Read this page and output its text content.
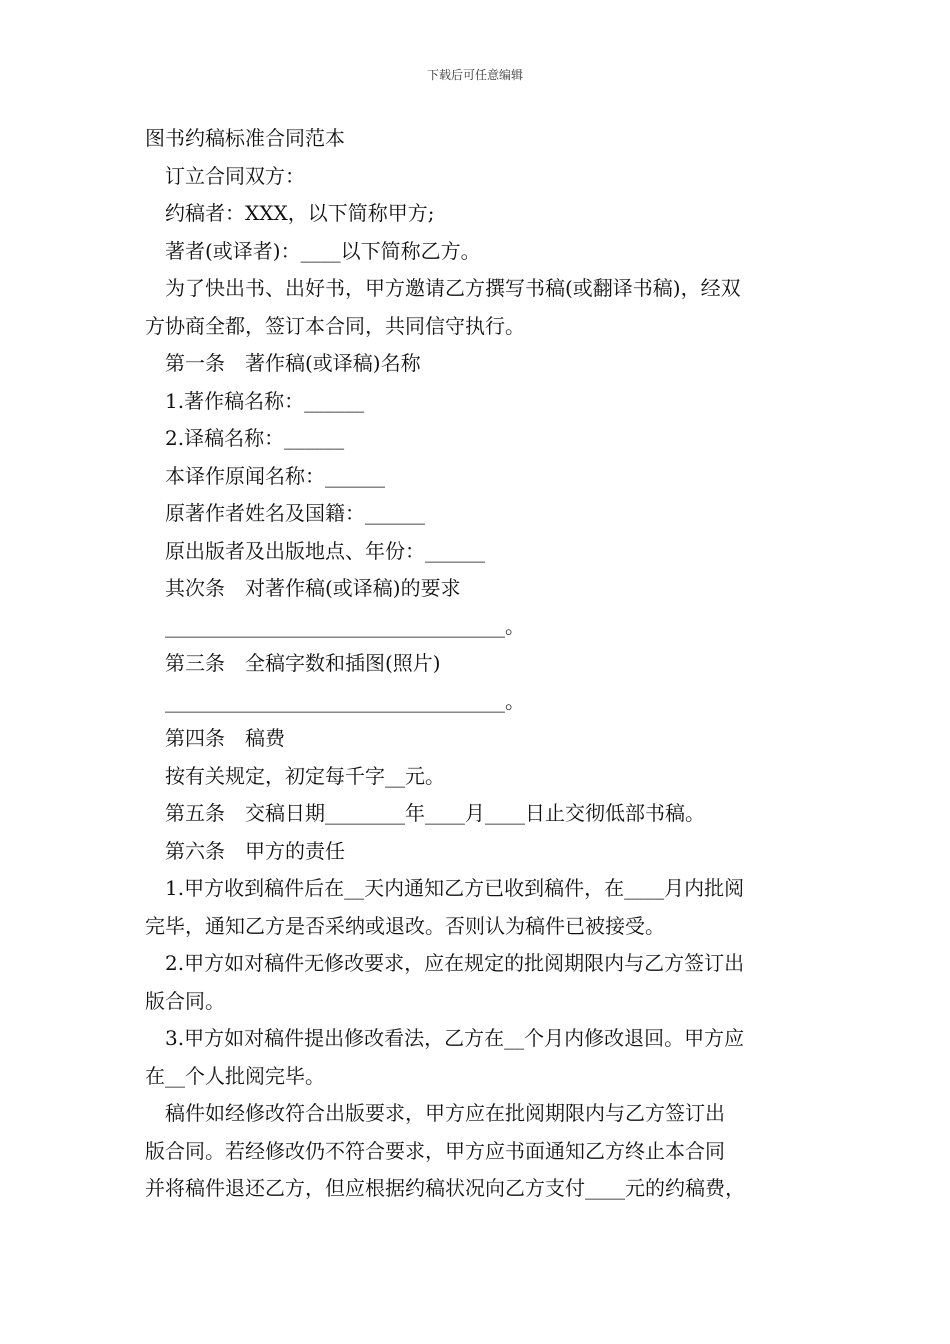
下载后可任意编辑
图书约稿标准合同范本
订立合同双方：
约稿者：XXX，以下简称甲方;
著者(或译者)：____以下简称乙方。
为了快出书、出好书，甲方邀请乙方撰写书稿(或翻译书稿)，经双
方协商全都，签订本合同，共同信守执行。
第一条　著作稿(或译稿)名称
1.著作稿名称：______
2.译稿名称：______
本译作原闻名称：______
原著作者姓名及国籍：______
原出版者及出版地点、年份：______
其次条　对著作稿(或译稿)的要求
__________________________________。
第三条　全稿字数和插图(照片)
__________________________________。
第四条　稿费
按有关规定，初定每千字__元。
第五条　交稿日期________年____月____日止交彻低部书稿。
第六条　甲方的责任
1.甲方收到稿件后在__天内通知乙方已收到稿件，在____月内批阅
完毕，通知乙方是否采纳或退改。否则认为稿件已被接受。
2.甲方如对稿件无修改要求，应在规定的批阅期限内与乙方签订出
版合同。
3.甲方如对稿件提出修改看法，乙方在__个月内修改退回。甲方应
在__个人批阅完毕。
稿件如经修改符合出版要求，甲方应在批阅期限内与乙方签订出
版合同。若经修改仍不符合要求，甲方应书面通知乙方终止本合同
并将稿件退还乙方，但应根据约稿状况向乙方支付____元的约稿费，
